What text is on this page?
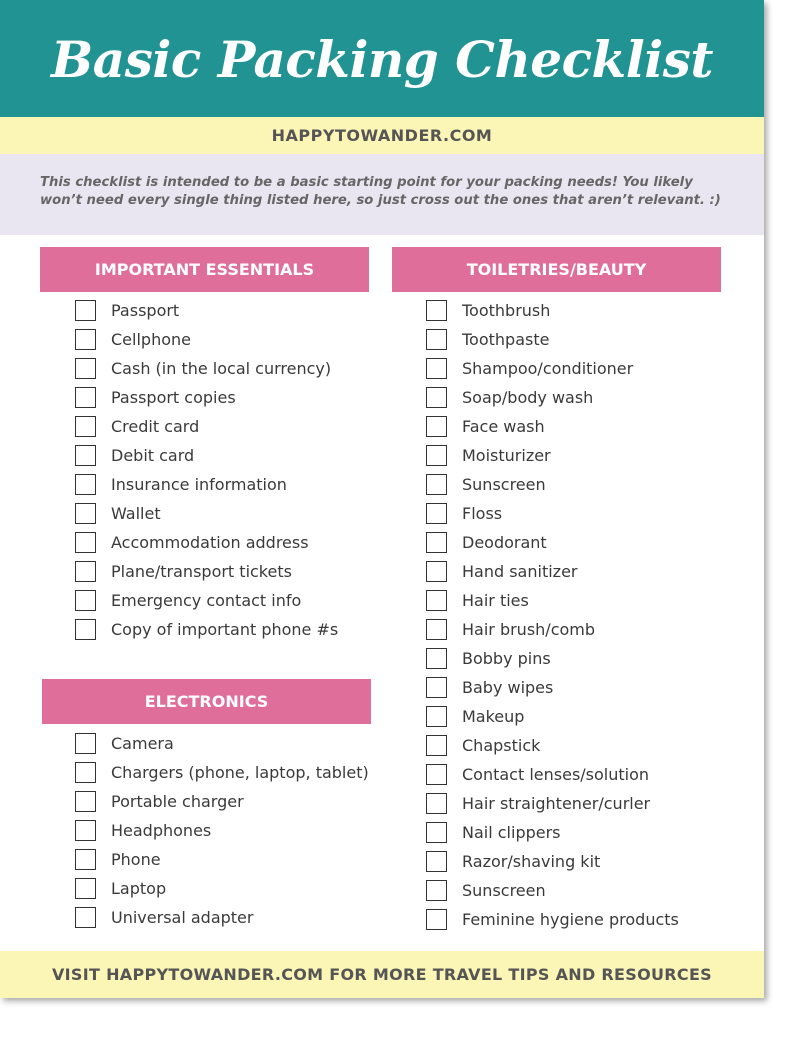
Basic Packing Checklist
HAPPYTOWANDER.COM

This checklist is intended to be a basic starting point for your packing needs! You likely won’t need every single thing listed here, so just cross out the ones that aren’t relevant. :)

IMPORTANT ESSENTIALS
Passport
Cellphone
Cash (in the local currency)
Passport copies
Credit card
Debit card
Insurance information
Wallet
Accommodation address
Plane/transport tickets
Emergency contact info
Copy of important phone #s
ELECTRONICS
Camera
Chargers (phone, laptop, tablet)
Portable charger
Headphones
Phone
Laptop
Universal adapter
TOILETRIES/BEAUTY
Toothbrush
Toothpaste
Shampoo/conditioner
Soap/body wash
Face wash
Moisturizer
Sunscreen
Floss
Deodorant
Hand sanitizer
Hair ties
Hair brush/comb
Bobby pins
Baby wipes
Makeup
Chapstick
Contact lenses/solution
Hair straightener/curler
Nail clippers
Razor/shaving kit
Sunscreen
Feminine hygiene products
VISIT HAPPYTOWANDER.COM FOR MORE TRAVEL TIPS AND RESOURCES
